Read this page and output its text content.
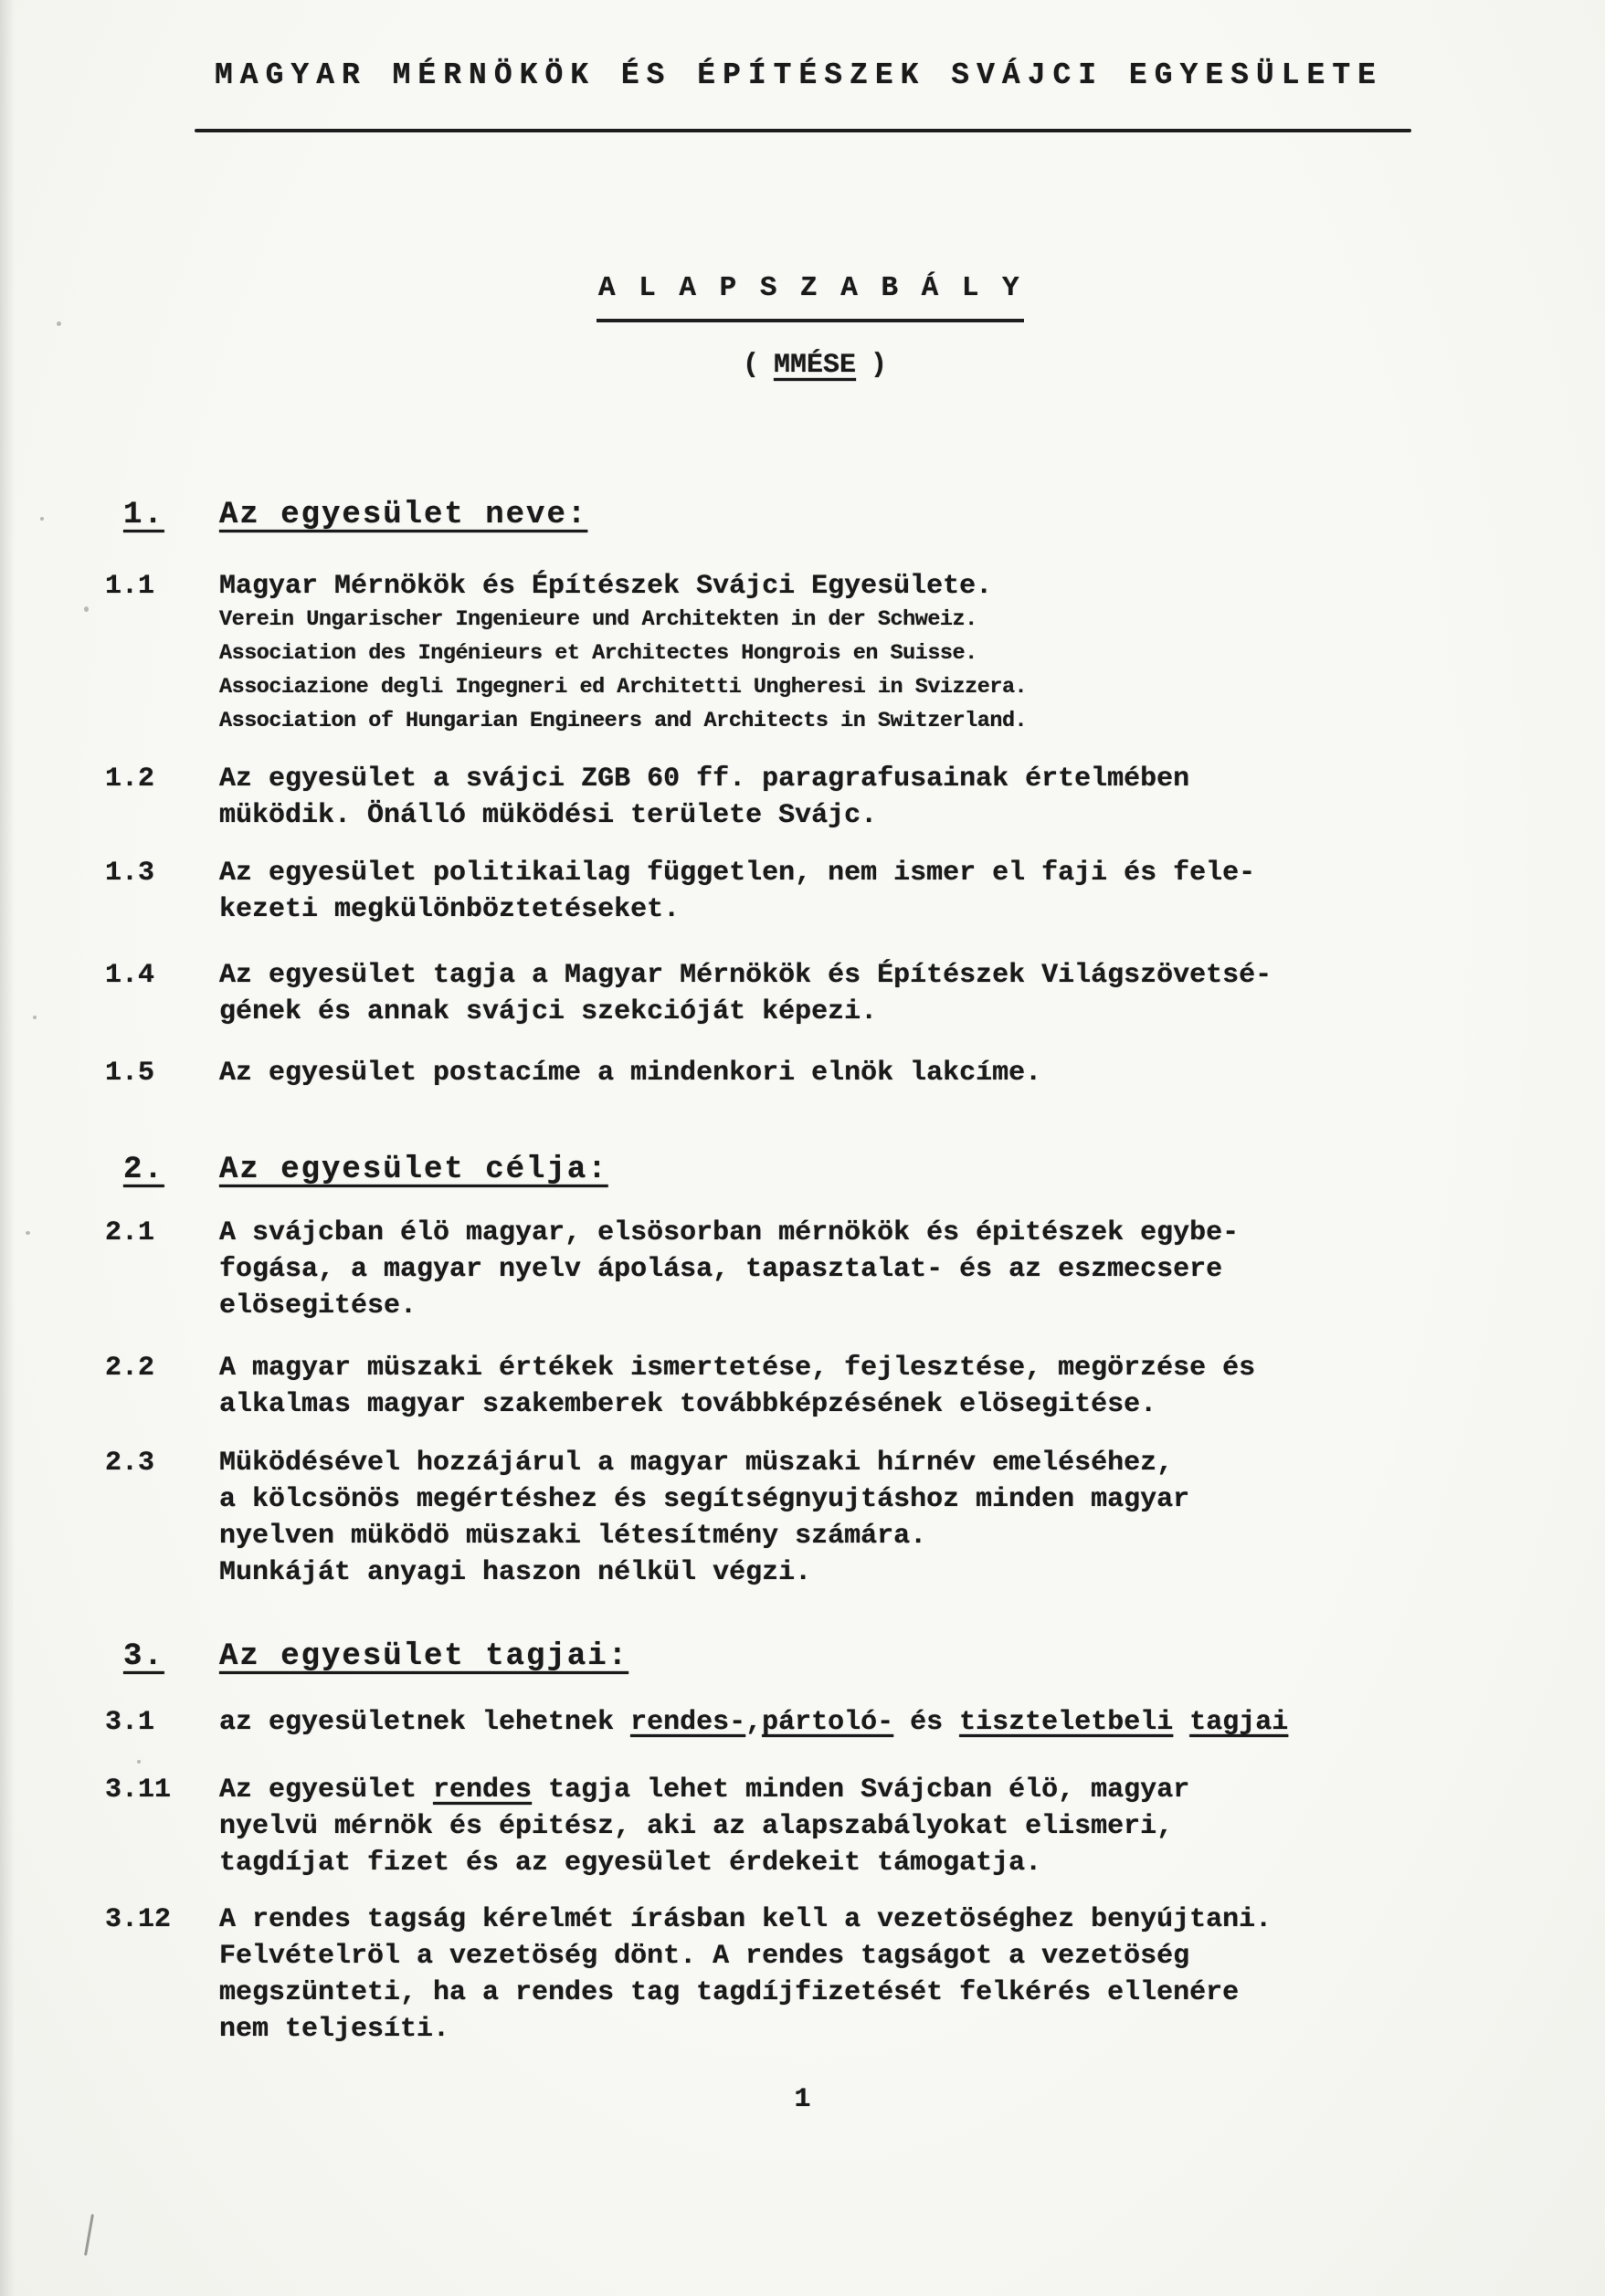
MAGYAR MÉRNÖKÖK ÉS ÉPÍTÉSZEK SVÁJCI EGYESÜLETE
A L A P S Z A B Á L Y
( MMÉSE )
1.	Az egyesület neve:
1.1	Magyar Mérnökök és Építészek Svájci Egyesülete.
Verein Ungarischer Ingenieure und Architekten in der Schweiz.
Association des Ingénieurs et Architectes Hongrois en Suisse.
Associazione degli Ingegneri ed Architetti Ungheresi in Svizzera.
Association of Hungarian Engineers and Architects in Switzerland.
1.2	Az egyesület a svájci ZGB 60 ff. paragrafusainak értelmében
müködik. Önálló müködési területe Svájc.
1.3	Az egyesület politikailag független, nem ismer el faji és fele-
kezeti megkülönböztetéseket.
1.4	Az egyesület tagja a Magyar Mérnökök és Építészek Világszövetsé-
gének és annak svájci szekcióját képezi.
1.5	Az egyesület postacíme a mindenkori elnök lakcíme.
2.	Az egyesület célja:
2.1	A svájcban élö magyar, elsösorban mérnökök és épitészek egybe-
fogása, a magyar nyelv ápolása, tapasztalat- és az eszmecsere
elösegitése.
2.2	A magyar müszaki értékek ismertetése, fejlesztése, megörzése és
alkalmas magyar szakemberek továbbképzésének elösegitése.
2.3	Müködésével hozzájárul a magyar müszaki hírnév emeléséhez,
a kölcsönös megértéshez és segítségnyujtáshoz minden magyar
nyelven müködö müszaki létesítmény számára.
Munkáját anyagi haszon nélkül végzi.
3.	Az egyesület tagjai:
3.1	az egyesületnek lehetnek rendes-,pártoló- és tiszteletbeli tagjai
3.11	Az egyesület rendes tagja lehet minden Svájcban élö, magyar
nyelvü mérnök és épitész, aki az alapszabályokat elismeri,
tagdíjat fizet és az egyesület érdekeit támogatja.
3.12	A rendes tagság kérelmét írásban kell a vezetöséghez benyújtani.
Felvételröl a vezetöség dönt. A rendes tagságot a vezetöség
megszünteti, ha a rendes tag tagdíjfizetését felkérés ellenére
nem teljesíti.
1
